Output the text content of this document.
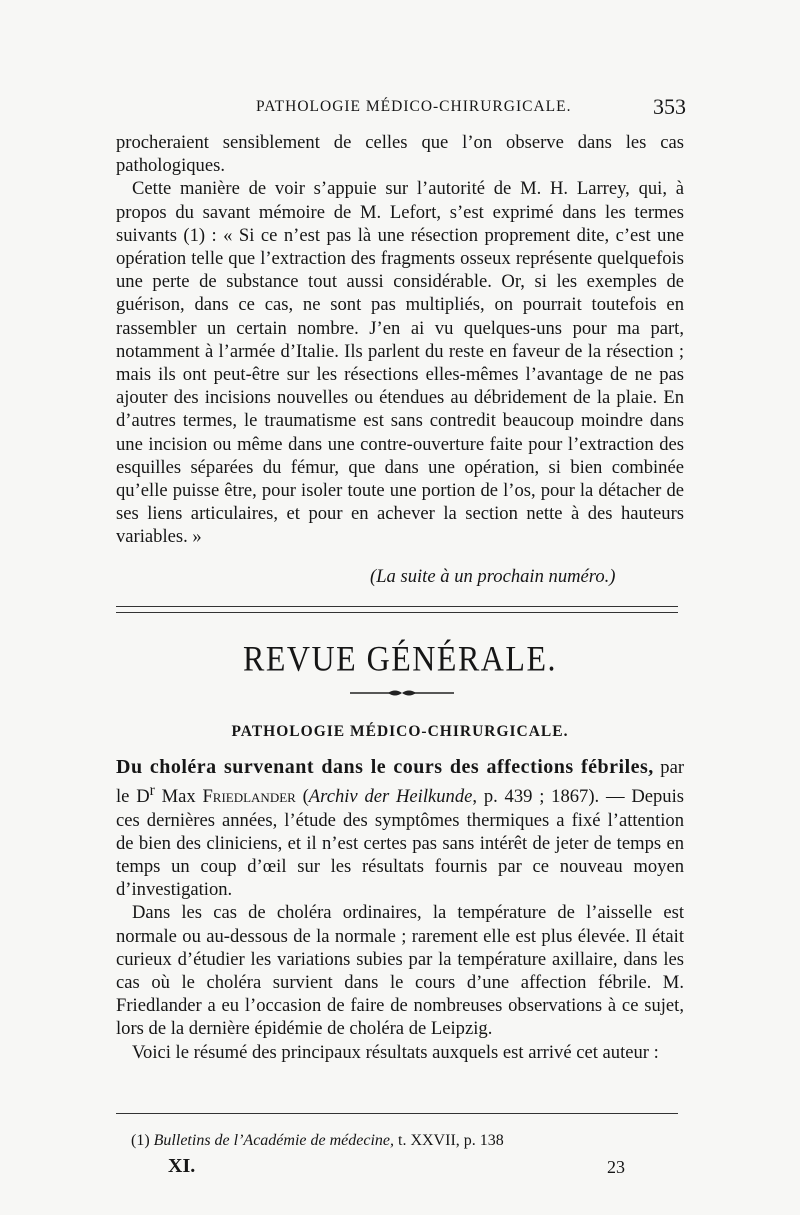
PATHOLOGIE MÉDICO-CHIRURGICALE.	353

procheraient sensiblement de celles que l’on observe dans les cas pathologiques.

Cette manière de voir s’appuie sur l’autorité de M. H. Larrey, qui, à propos du savant mémoire de M. Lefort, s’est exprimé dans les termes suivants (1) : « Si ce n’est pas là une résection proprement dite, c’est une opération telle que l’extraction des fragments osseux représente quelquefois une perte de substance tout aussi considérable. Or, si les exemples de guérison, dans ce cas, ne sont pas multipliés, on pourrait toutefois en rassembler un certain nombre. J’en ai vu quelques-uns pour ma part, notamment à l’armée d’Italie. Ils parlent du reste en faveur de la résection ; mais ils ont peut-être sur les résections elles-mêmes l’avantage de ne pas ajouter des incisions nouvelles ou étendues au débridement de la plaie. En d’autres termes, le traumatisme est sans contredit beaucoup moindre dans une incision ou même dans une contre-ouverture faite pour l’extraction des esquilles séparées du fémur, que dans une opération, si bien combinée qu’elle puisse être, pour isoler toute une portion de l’os, pour la détacher de ses liens articulaires, et pour en achever la section nette à des hauteurs variables. »

(La suite à un prochain numéro.)
REVUE GÉNÉRALE.
PATHOLOGIE MÉDICO-CHIRURGICALE.

Du choléra survenant dans le cours des affections fébriles, par le $D^r$ Max Friedlander (Archiv der Heilkunde, p. 439 ; 1867). — Depuis ces dernières années, l’étude des symptômes thermiques a fixé l’attention de bien des cliniciens, et il n’est certes pas sans intérêt de jeter de temps en temps un coup d’œil sur les résultats fournis par ce nouveau moyen d’investigation.

Dans les cas de choléra ordinaires, la température de l’aisselle est normale ou au-dessous de la normale ; rarement elle est plus élevée. Il était curieux d’étudier les variations subies par la température axillaire, dans les cas où le choléra survient dans le cours d’une affection fébrile. M. Friedlander a eu l’occasion de faire de nombreuses observations à ce sujet, lors de la dernière épidémie de choléra de Leipzig.

Voici le résumé des principaux résultats auxquels est arrivé cet auteur :

(1) Bulletins de l’Académie de médecine, t. XXVII, p. 138
XI.	23
